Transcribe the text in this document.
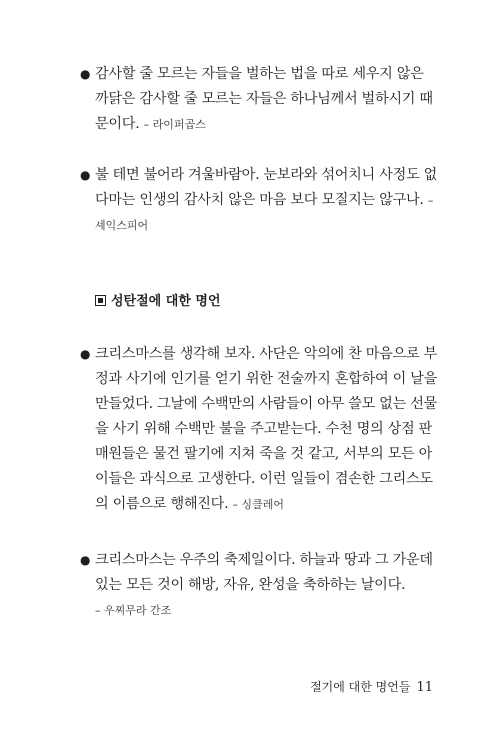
● 감사할 줄 모르는 자들을 벌하는 법을 따로 세우지 않은 까닭은 감사할 줄 모르는 자들은 하나님께서 벌하시기 때문이다. – 라이퍼곱스
● 불 테면 불어라 겨울바람아. 눈보라와 섞어치니 사정도 없다마는 인생의 감사치 않은 마음 보다 모질지는 않구나. – 셰익스피어
성탄절에 대한 명언
● 크리스마스를 생각해 보자. 사단은 악의에 찬 마음으로 부정과 사기에 인기를 얻기 위한 전술까지 혼합하여 이 날을 만들었다. 그날에 수백만의 사람들이 아무 쓸모 없는 선물을 사기 위해 수백만 불을 주고받는다. 수천 명의 상점 판매원들은 물건 팔기에 지쳐 죽을 것 같고, 서부의 모든 아이들은 과식으로 고생한다. 이런 일들이 겸손한 그리스도의 이름으로 행해진다. – 싱클레어
● 크리스마스는 우주의 축제일이다. 하늘과 땅과 그 가운데 있는 모든 것이 해방, 자유, 완성을 축하하는 날이다.
– 우찌무라 간조
절기에 대한 명언들 11
